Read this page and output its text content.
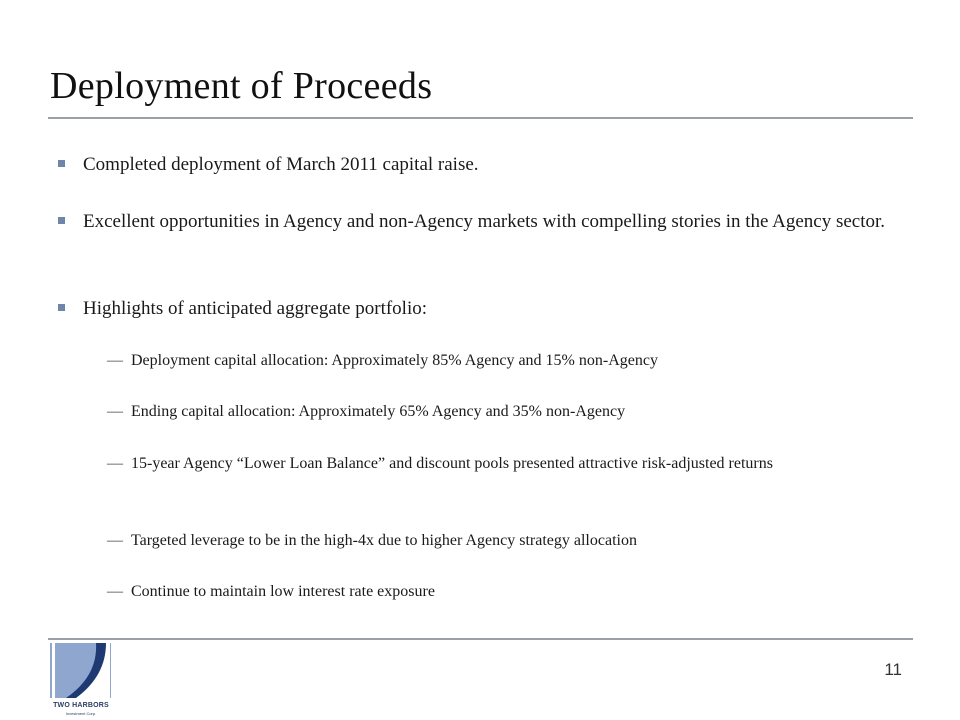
Deployment of Proceeds
Completed deployment of March 2011 capital raise.
Excellent opportunities in Agency and non-Agency markets with compelling stories in the Agency sector.
Highlights of anticipated aggregate portfolio:
— Deployment capital allocation: Approximately 85% Agency and 15% non-Agency
— Ending capital allocation: Approximately 65% Agency and 35% non-Agency
— 15-year Agency “Lower Loan Balance” and discount pools presented attractive risk-adjusted returns
— Targeted leverage to be in the high-4x due to higher Agency strategy allocation
— Continue to maintain low interest rate exposure
TWO HARBORS
Investment Corp.
11
